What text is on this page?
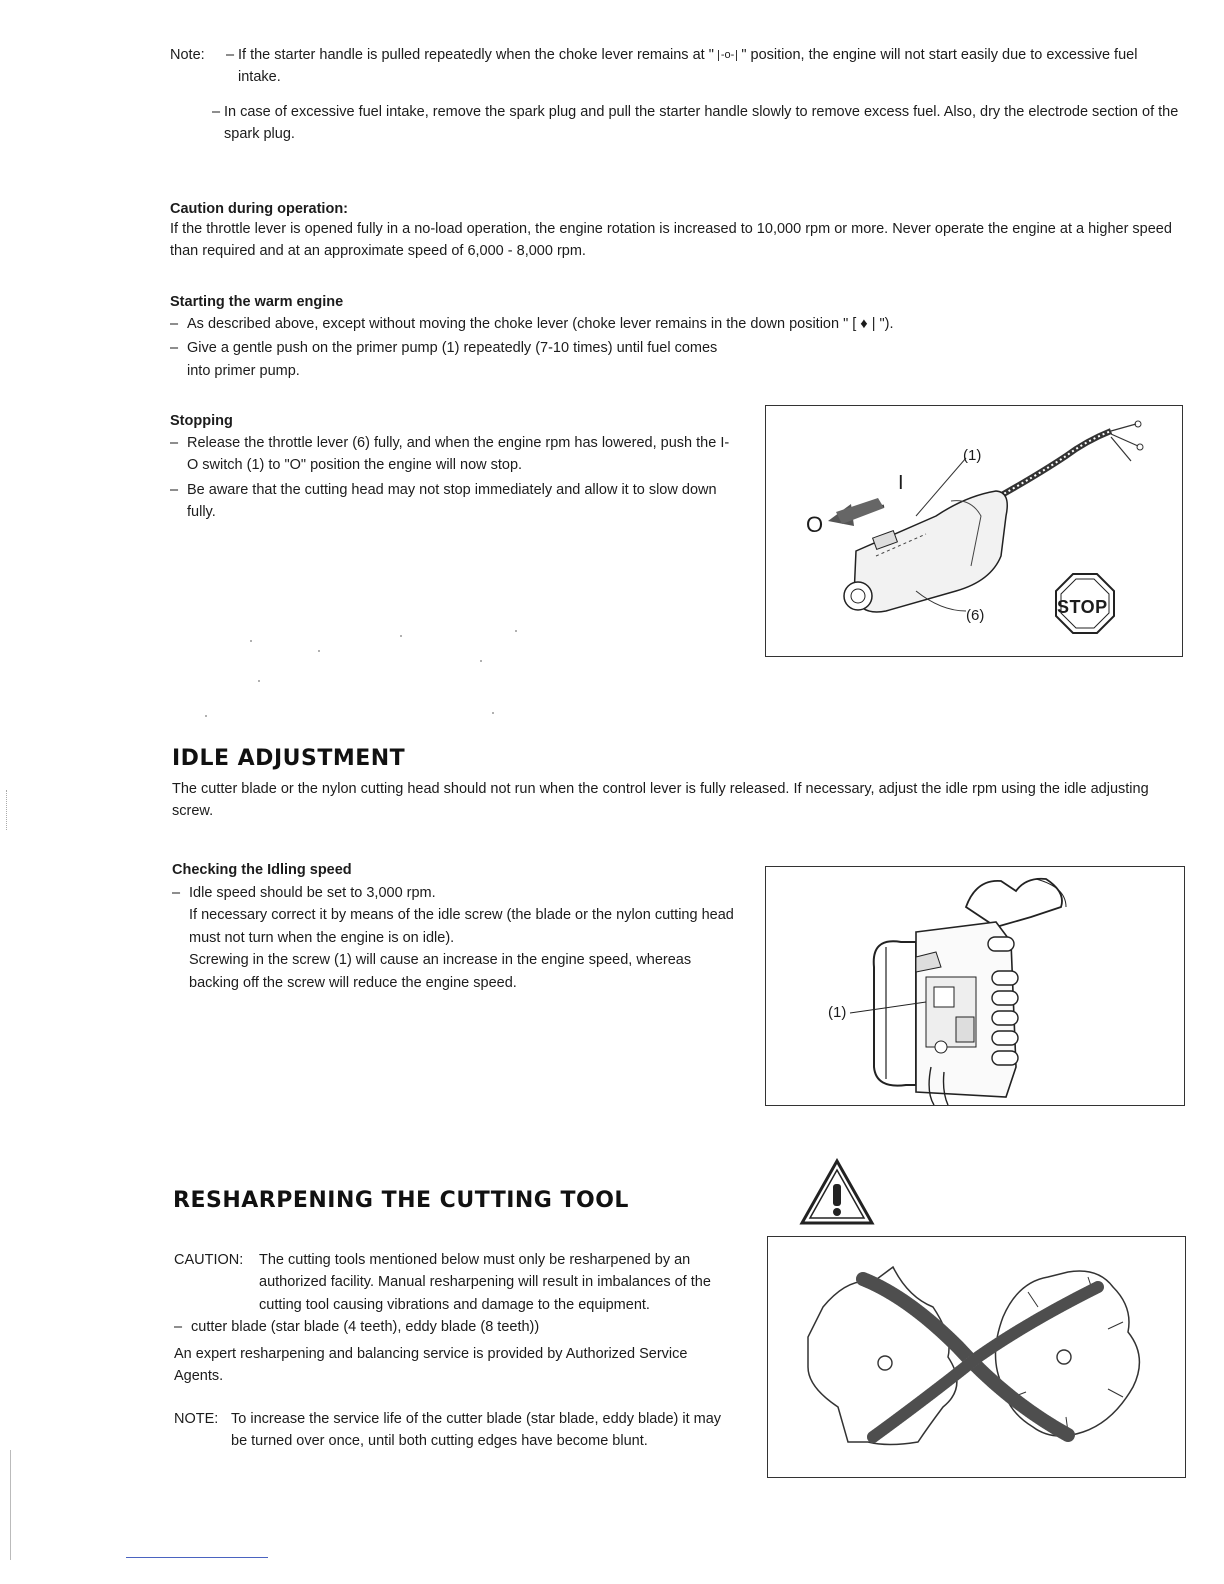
Note:	– If the starter handle is pulled repeatedly when the choke lever remains at " -o- " position, the engine will not start easily due to excessive fuel intake.
– In case of excessive fuel intake, remove the spark plug and pull the starter handle slowly to remove excess fuel. Also, dry the electrode section of the spark plug.

Caution during operation:

If the throttle lever is opened fully in a no-load operation, the engine rotation is increased to 10,000 rpm or more. Never operate the engine at a higher speed than required and at an approximate speed of 6,000 - 8,000 rpm.

Starting the warm engine

– As described above, except without moving the choke lever (choke lever remains in the down position " [ ♦ | ").
– Give a gentle push on the primer pump (1) repeatedly (7-10 times) until fuel comes into primer pump.

Stopping

– Release the throttle lever (6) fully, and when the engine rpm has lowered, push the I-O switch (1) to "O" position the engine will now stop.
– Be aware that the cutting head may not stop immediately and allow it to slow down fully.
(1)
(6)
I
O
STOP

IDLE ADJUSTMENT

The cutter blade or the nylon cutting head should not run when the control lever is fully released. If necessary, adjust the idle rpm using the idle adjusting screw.

Checking the Idling speed

– Idle speed should be set to 3,000 rpm.
If necessary correct it by means of the idle screw (the blade or the nylon cutting head must not turn when the engine is on idle).
Screwing in the screw (1) will cause an increase in the engine speed, whereas backing off the screw will reduce the engine speed.
(1)

RESHARPENING THE CUTTING TOOL

CAUTION:	The cutting tools mentioned below must only be resharpened by an authorized facility. Manual resharpening will result in imbalances of the cutting tool causing vibrations and damage to the equipment.
– cutter blade (star blade (4 teeth), eddy blade (8 teeth))

An expert resharpening and balancing service is provided by Authorized Service Agents.

NOTE: To increase the service life of the cutter blade (star blade, eddy blade) it may be turned over once, until both cutting edges have become blunt.
